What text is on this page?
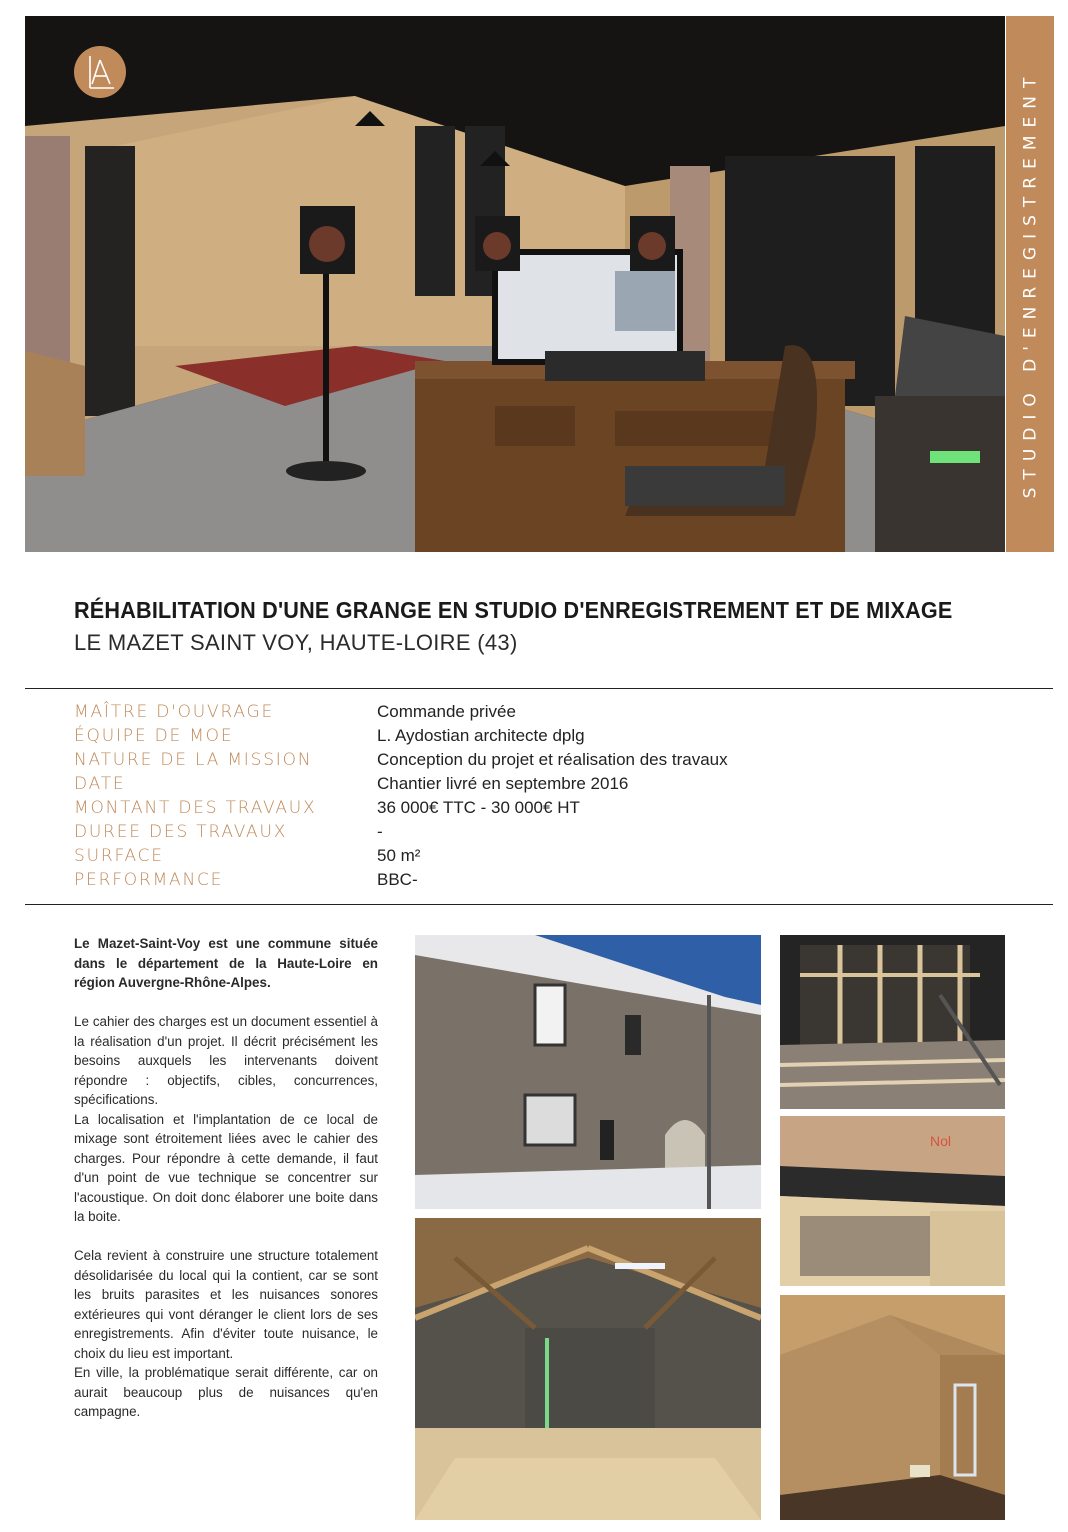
STUDIO D'ENREGISTREMENT
RÉHABILITATION D'UNE GRANGE EN STUDIO D'ENREGISTREMENT ET DE MIXAGE
LE MAZET SAINT VOY, HAUTE-LOIRE (43)
MAÎTRE D'OUVRAGE	Commande privée
ÉQUIPE DE MOE	L. Aydostian architecte dplg
NATURE DE LA MISSION	Conception du projet et réalisation des travaux
DATE	Chantier livré en septembre 2016
MONTANT DES TRAVAUX	36 000€ TTC - 30 000€ HT
DUREE DES TRAVAUX	-
SURFACE	50 m²
PERFORMANCE	BBC-

Le Mazet-Saint-Voy est une commune située dans le département de la Haute-Loire en région Auvergne-Rhône-Alpes.

Le cahier des charges est un document essentiel à la réalisation d'un projet. Il décrit précisément les besoins auxquels les intervenants doivent répondre : objectifs, cibles, concurrences, spécifications.

La localisation et l'implantation de ce local de mixage sont étroitement liées avec le cahier des charges. Pour répondre à cette demande, il faut d'un point de vue technique se concentrer sur l'acoustique. On doit donc élaborer une boite dans la boite.

Cela revient à construire une structure totalement désolidarisée du local qui la contient, car se sont les bruits parasites et les nuisances sonores extérieures qui vont déranger le client lors de ses enregistrements. Afin d'éviter toute nuisance, le choix du lieu est important.

En ville, la problématique serait différente, car on aurait beaucoup plus de nuisances qu'en campagne.

Nol
